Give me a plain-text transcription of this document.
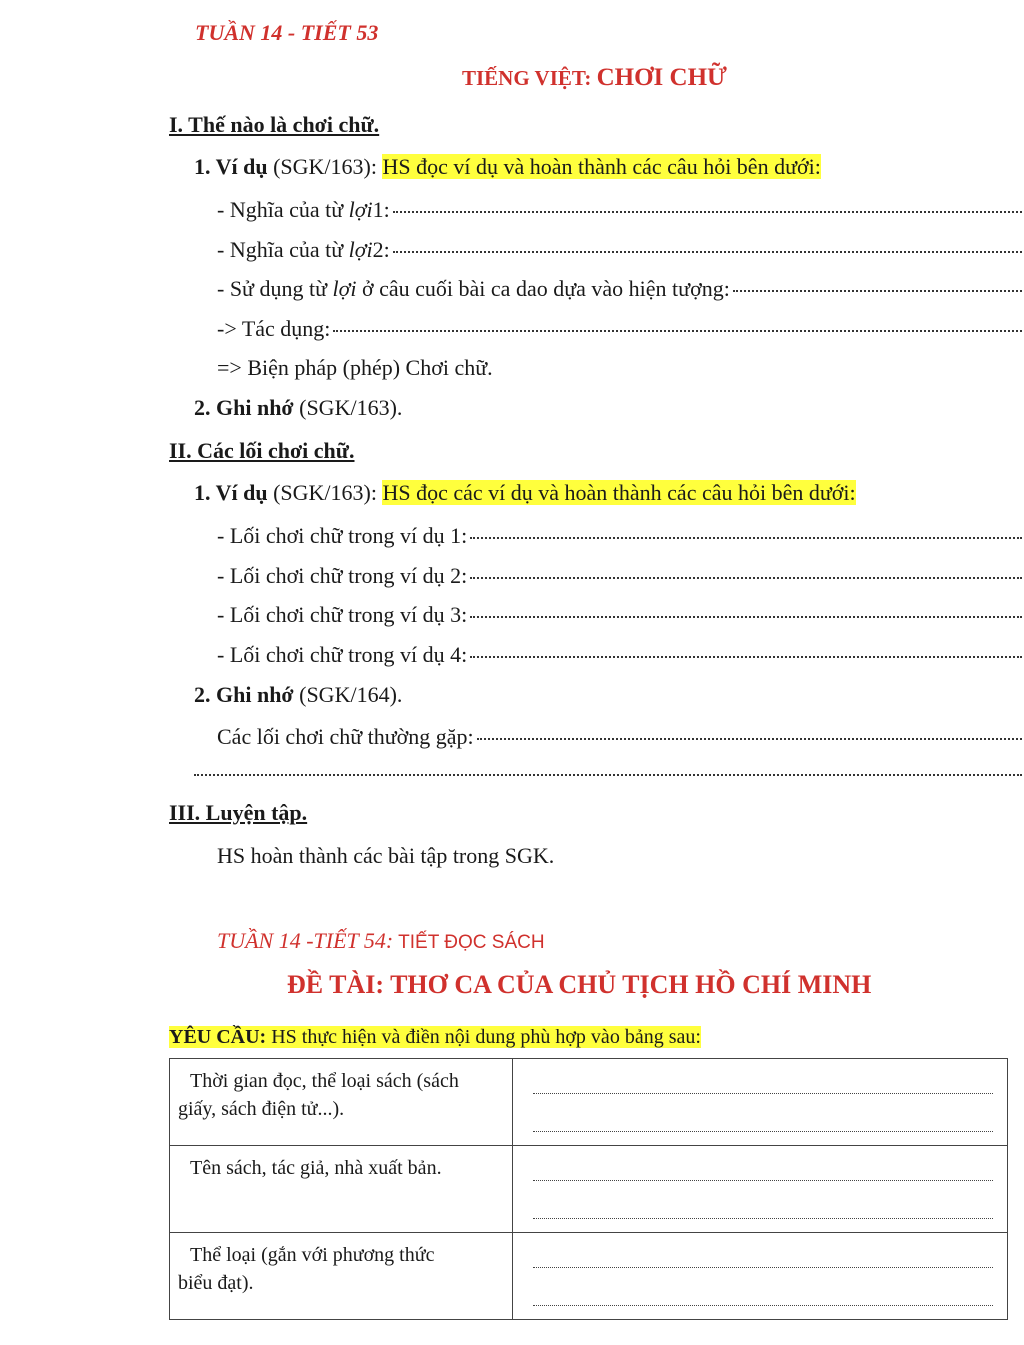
TUẦN 14 - TIẾT 53
TIẾNG VIỆT: CHƠI CHỮ
I. Thế nào là chơi chữ.
1. Ví dụ (SGK/163): HS đọc ví dụ và hoàn thành các câu hỏi bên dưới:
- Nghĩa của từ
lợi 1:
- Nghĩa của từ
lợi 2:
- Sử dụng từ
lợi
ở câu cuối bài ca dao dựa vào hiện tượng:
-> Tác dụng:
=> Biện pháp (phép) Chơi chữ.
2. Ghi nhớ (SGK/163).
II. Các lối chơi chữ.
1. Ví dụ (SGK/163): HS đọc các ví dụ và hoàn thành các câu hỏi bên dưới:
- Lối chơi chữ trong ví dụ 1:
- Lối chơi chữ trong ví dụ 2:
- Lối chơi chữ trong ví dụ 3:
- Lối chơi chữ trong ví dụ 4:
2. Ghi nhớ (SGK/164).
Các lối chơi chữ thường gặp:
III. Luyện tập.
HS hoàn thành các bài tập trong SGK.
TUẦN 14 -TIẾT 54: TIẾT ĐỌC SÁCH
ĐỀ TÀI: THƠ CA CỦA CHỦ TỊCH HỒ CHÍ MINH
YÊU CẦU: HS thực hiện và điền nội dung phù hợp vào bảng sau:
Thời gian đọc, thể loại sách (sách
giấy, sách điện tử...).	

Tên sách, tác giả, nhà xuất bản.	

Thể loại (gắn với phương thức
biểu đạt).	
